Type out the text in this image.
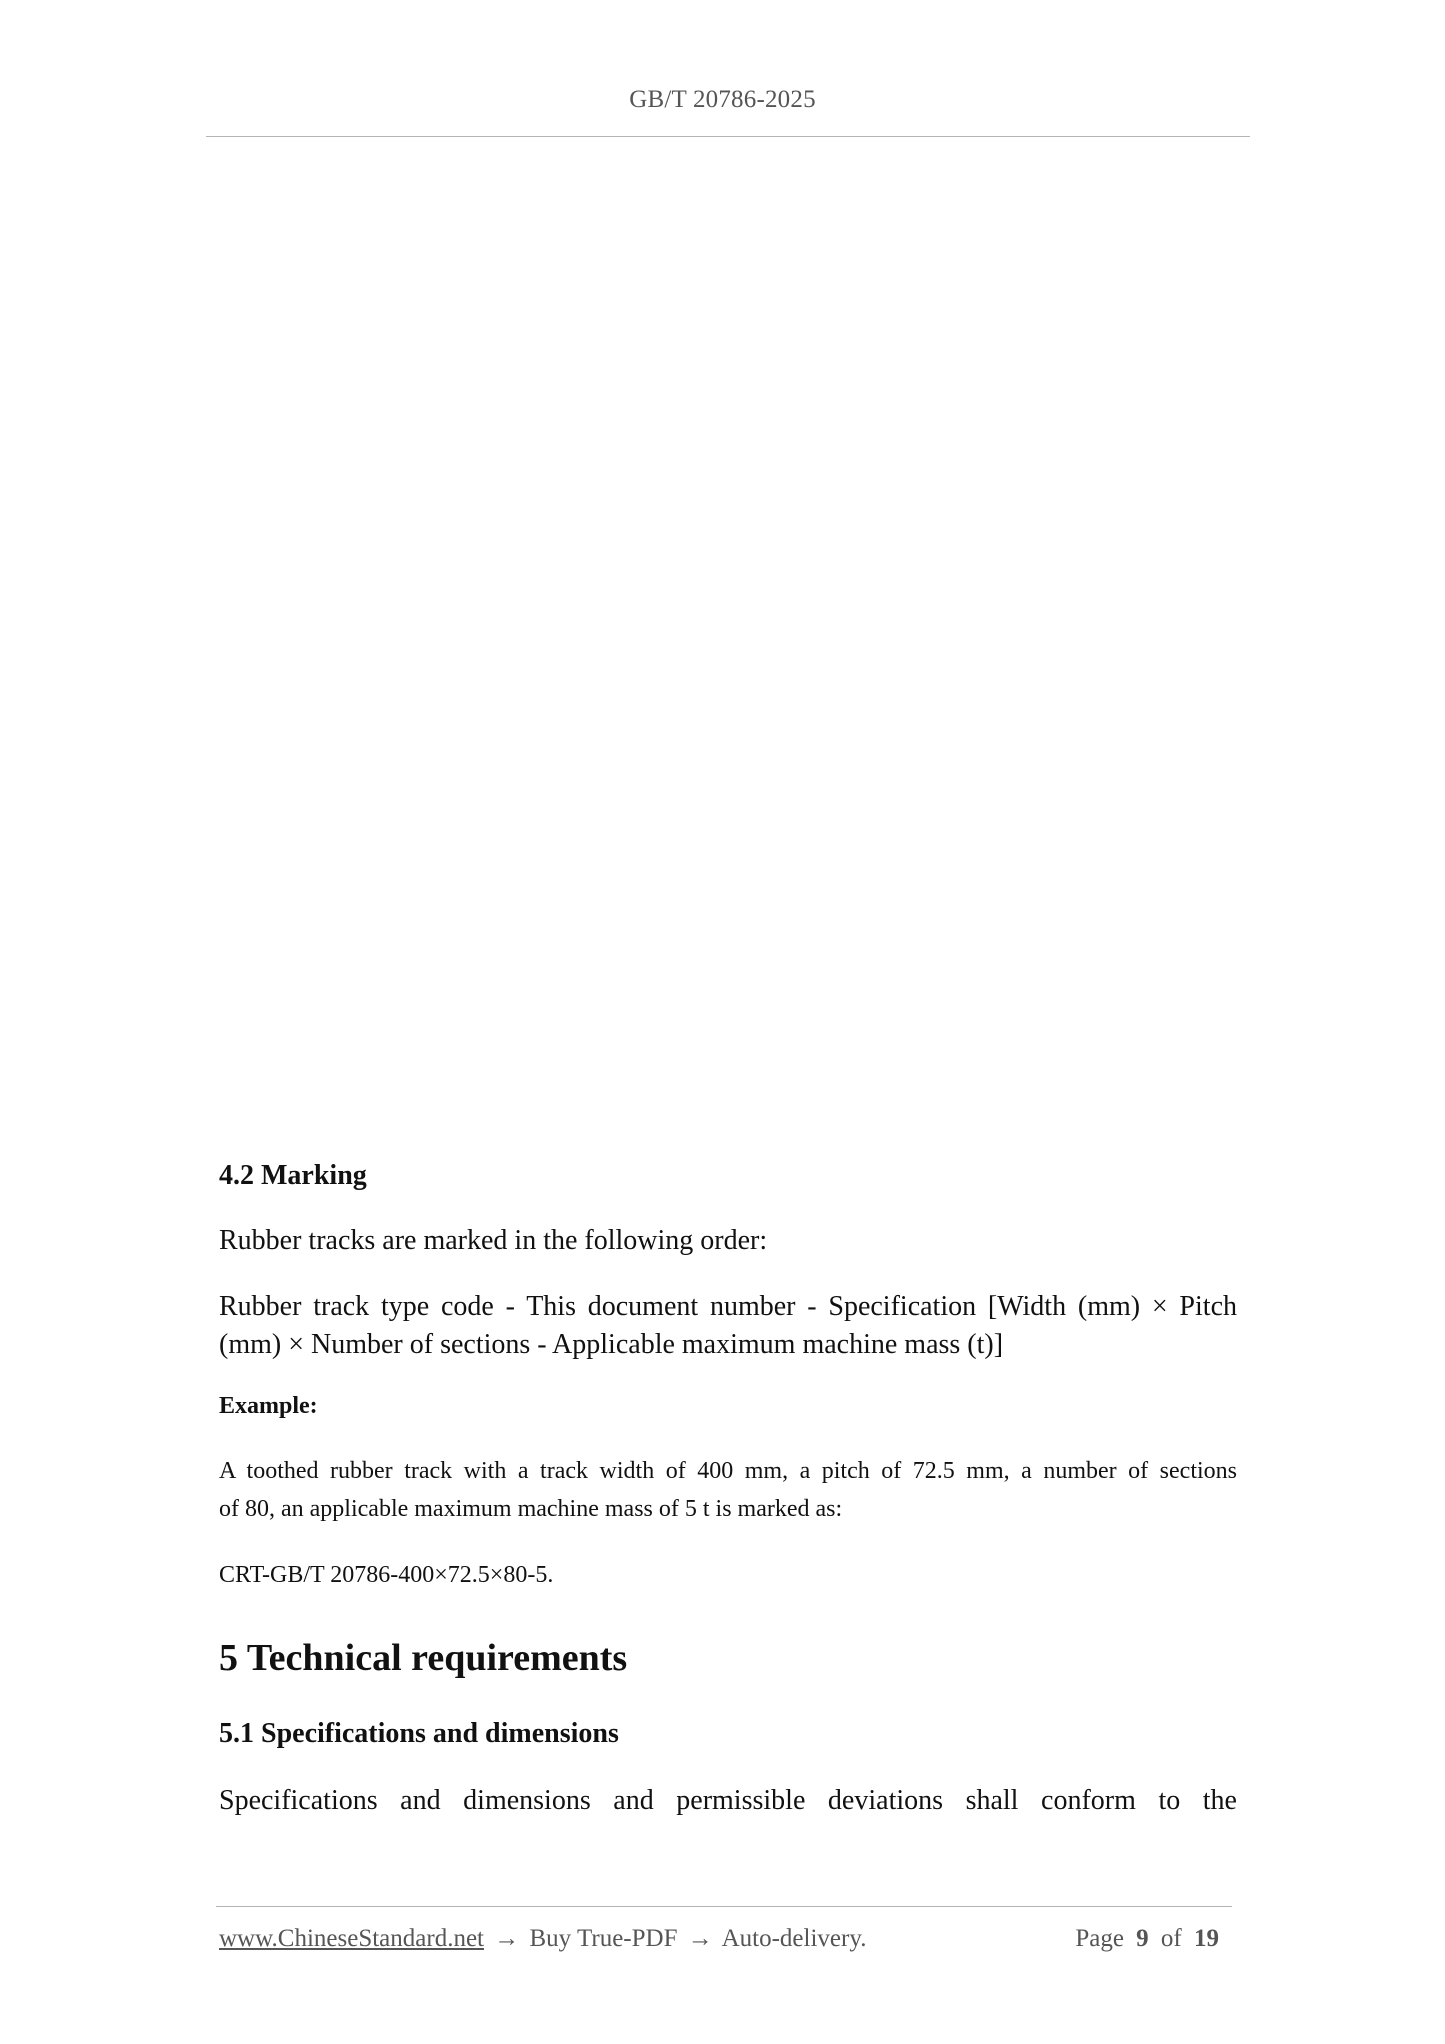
GB/T 20786-2025

4.2 Marking

Rubber tracks are marked in the following order:

Rubber track type code - This document number - Specification [Width (mm) × Pitch

(mm) × Number of sections - Applicable maximum machine mass (t)]

Example:

A toothed rubber track with a track width of 400 mm, a pitch of 72.5 mm, a number of sections

of 80, an applicable maximum machine mass of 5 t is marked as:

CRT-GB/T 20786-400×72.5×80-5.

5 Technical requirements

5.1 Specifications and dimensions

Specifications and dimensions and permissible deviations shall conform to the

www.ChineseStandard.net → Buy True-PDF → Auto-delivery.	Page 9 of 19
